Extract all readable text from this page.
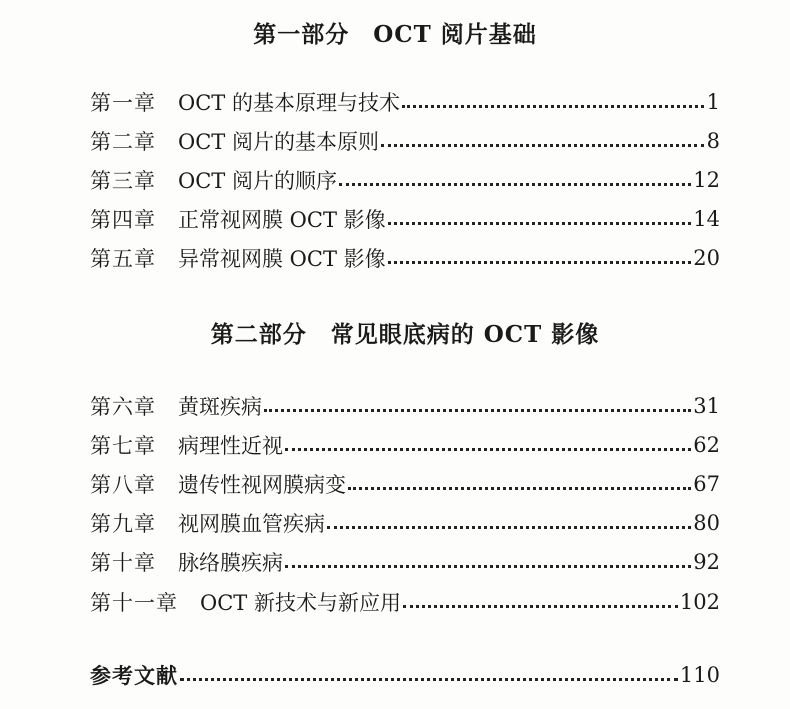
第一部分　OCT 阅片基础
第一章 OCT 的基本原理与技术	1
第二章 OCT 阅片的基本原则	8
第三章 OCT 阅片的顺序	12
第四章 正常视网膜 OCT 影像	14
第五章 异常视网膜 OCT 影像	20
第二部分　常见眼底病的 OCT 影像
第六章 黄斑疾病	31
第七章 病理性近视	62
第八章 遗传性视网膜病变	67
第九章 视网膜血管疾病	80
第十章 脉络膜疾病	92
第十一章 OCT 新技术与新应用	102
参考文献	110
